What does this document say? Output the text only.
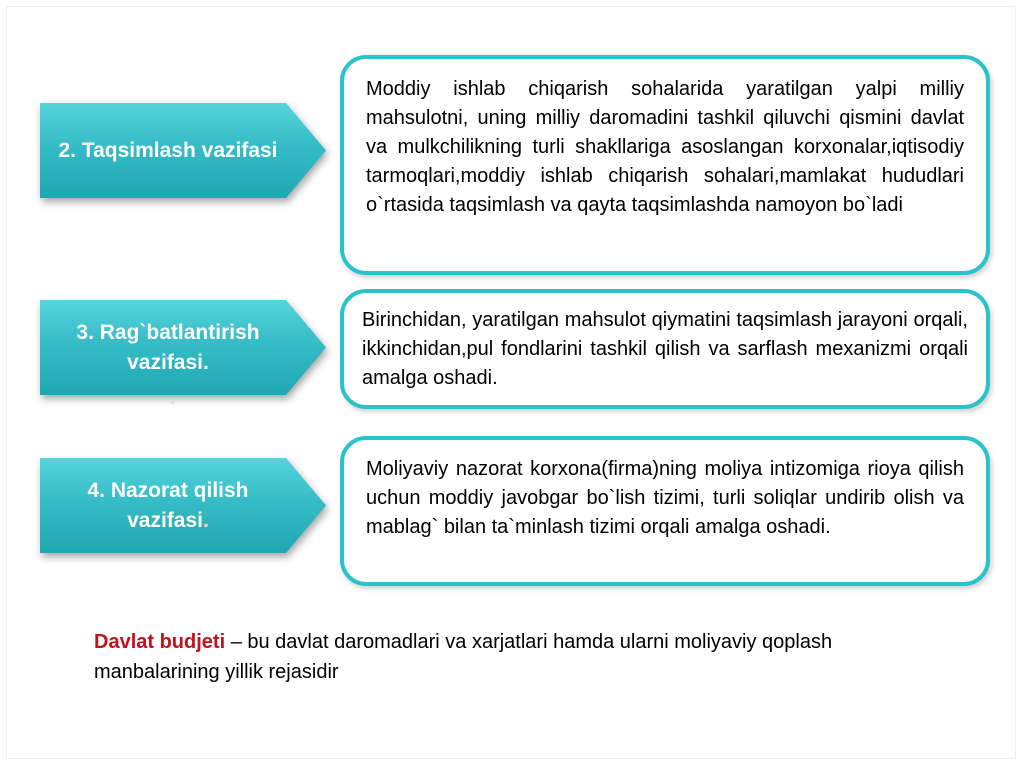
2. Taqsimlash vazifasi

Moddiy ishlab chiqarish sohalarida yaratilgan yalpi milliy mahsulotni, uning milliy daromadini tashkil qiluvchi qismini davlat va mulkchilikning turli shakllariga asoslangan korxonalar,iqtisodiy tarmoqlari,moddiy ishlab chiqarish sohalari,mamlakat hududlari o`rtasida taqsimlash va qayta taqsimlashda namoyon bo`ladi

3. Rag`batlantirish
vazifasi.

Birinchidan, yaratilgan mahsulot qiymatini taqsimlash jarayoni orqali, ikkinchidan,pul fondlarini tashkil qilish va sarflash mexanizmi orqali amalga oshadi.

4. Nazorat qilish
vazifasi.

Moliyaviy nazorat korxona(firma)ning moliya intizomiga rioya qilish uchun moddiy javobgar bo`lish tizimi, turli soliqlar undirib olish va mablag` bilan ta`minlash tizimi orqali amalga oshadi.

Davlat budjeti – bu davlat daromadlari va xarjatlari hamda ularni moliyaviy qoplash manbalarining yillik rejasidir
